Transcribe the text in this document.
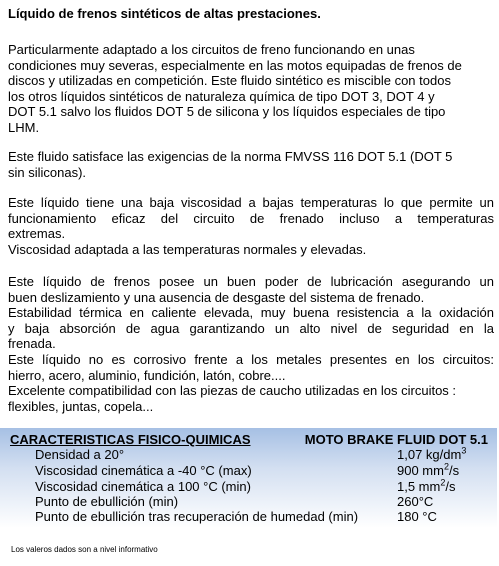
Líquido de frenos sintéticos de altas prestaciones.

Particularmente adaptado a los circuitos de freno funcionando en unas
condiciones muy severas, especialmente en las motos equipadas de frenos de
discos y utilizadas en competición. Este fluido sintético es miscible con todos
los otros líquidos sintéticos de naturaleza química de tipo DOT 3, DOT 4 y
DOT 5.1 salvo los fluidos DOT 5 de silicona y los líquidos especiales de tipo
LHM.

Este fluido satisface las exigencias de la norma FMVSS 116 DOT 5.1 (DOT 5
sin siliconas).

Este líquido tiene una baja viscosidad a bajas temperaturas lo que permite un
funcionamiento eficaz del circuito de frenado incluso a temperaturas
extremas.
Viscosidad adaptada a las temperaturas normales y elevadas.

Este líquido de frenos posee un buen poder de lubricación asegurando un
buen deslizamiento y una ausencia de desgaste del sistema de frenado.
Estabilidad térmica en caliente elevada, muy buena resistencia a la oxidación
y baja absorción de agua garantizando un alto nivel de seguridad en la
frenada.
Este líquido no es corrosivo frente a los metales presentes en los circuitos:
hierro, acero, aluminio, fundición, latón, cobre....
Excelente compatibilidad con las piezas de caucho utilizadas en los circuitos :
flexibles, juntas, copela...

CARACTERISTICAS FISICO-QUIMICAS	MOTO BRAKE FLUID DOT 5.1
Densidad a 20°	1,07 $kg/dm^3$
Viscosidad cinemática a -40 °C (max)	900 $mm^2/s$
Viscosidad cinemática a 100 °C (min)	1,5 $mm^2/s$
Punto de ebullición (min)	260°C
Punto de ebullición tras recuperación de humedad (min)	180 °C
Los valeros dados son a nivel informativo
